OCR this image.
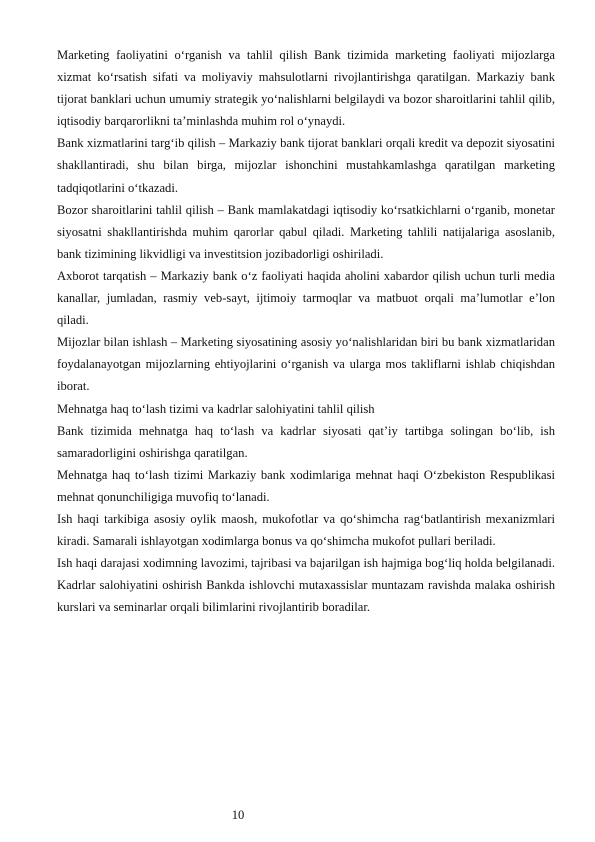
Marketing faoliyatini o‘rganish va tahlil qilish Bank tizimida marketing faoliyati mijozlarga xizmat ko‘rsatish sifati va moliyaviy mahsulotlarni rivojlantirishga qaratilgan. Markaziy bank tijorat banklari uchun umumiy strategik yo‘nalishlarni belgilaydi va bozor sharoitlarini tahlil qilib, iqtisodiy barqarorlikni ta’minlashda muhim rol o‘ynaydi.

Bank xizmatlarini targ‘ib qilish – Markaziy bank tijorat banklari orqali kredit va depozit siyosatini shakllantiradi, shu bilan birga, mijozlar ishonchini mustahkamlashga qaratilgan marketing tadqiqotlarini o‘tkazadi.

Bozor sharoitlarini tahlil qilish – Bank mamlakatdagi iqtisodiy ko‘rsatkichlarni o‘rganib, monetar siyosatni shakllantirishda muhim qarorlar qabul qiladi. Marketing tahlili natijalariga asoslanib, bank tizimining likvidligi va investitsion jozibadorligi oshiriladi.

Axborot tarqatish – Markaziy bank o‘z faoliyati haqida aholini xabardor qilish uchun turli media kanallar, jumladan, rasmiy veb-sayt, ijtimoiy tarmoqlar va matbuot orqali ma’lumotlar e’lon qiladi.

Mijozlar bilan ishlash – Marketing siyosatining asosiy yo‘nalishlaridan biri bu bank xizmatlaridan foydalanayotgan mijozlarning ehtiyojlarini o‘rganish va ularga mos takliflarni ishlab chiqishdan iborat.

Mehnatga haq to‘lash tizimi va kadrlar salohiyatini tahlil qilish

Bank tizimida mehnatga haq to‘lash va kadrlar siyosati qat’iy tartibga solingan bo‘lib, ish samaradorligini oshirishga qaratilgan.

Mehnatga haq to‘lash tizimi Markaziy bank xodimlariga mehnat haqi O‘zbekiston Respublikasi mehnat qonunchiligiga muvofiq to‘lanadi.

Ish haqi tarkibiga asosiy oylik maosh, mukofotlar va qo‘shimcha rag‘batlantirish mexanizmlari kiradi. Samarali ishlayotgan xodimlarga bonus va qo‘shimcha mukofot pullari beriladi.

Ish haqi darajasi xodimning lavozimi, tajribasi va bajarilgan ish hajmiga bog‘liq holda belgilanadi. Kadrlar salohiyatini oshirish Bankda ishlovchi mutaxassislar muntazam ravishda malaka oshirish kurslari va seminarlar orqali bilimlarini rivojlantirib boradilar.

10
